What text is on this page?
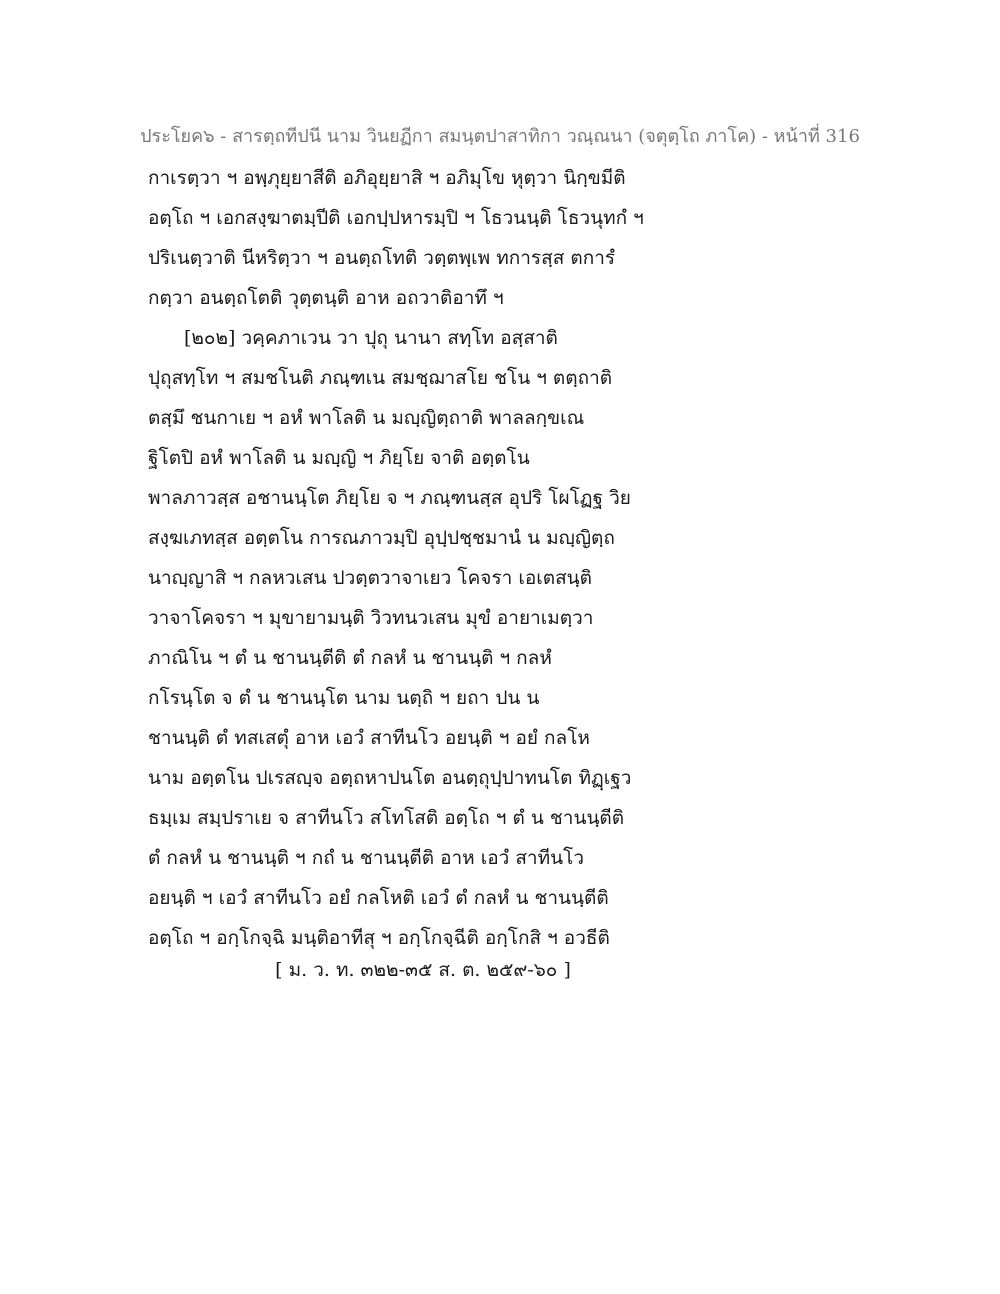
ประโยค๖ - สารตฺถทีปนี นาม วินยฏีกา สมนฺตปาสาทิกา วณฺณนา (จตุตฺโถ ภาโค) - หน้าที่ 316
กาเรตฺวา ฯ อพฺภุยฺยาสีติ อภิอุยฺยาสิ ฯ อภิมุโข หุตฺวา นิกฺขมีติ
อตฺโถ ฯ เอกสงฺฆาตมฺปีติ เอกปฺปหารมฺปิ ฯ โธวนนฺติ โธวนุทกํ ฯ
ปริเนตฺวาติ นีหริตฺวา ฯ อนตฺถโทติ วตฺตพฺเพ ทการสฺส ตการํ
กตฺวา อนตฺถโตติ วุตฺตนฺติ อาห อถวาติอาทึ ฯ
[๒๐๒] วคฺคภาเวน วา ปุถุ นานา สทฺโท อสฺสาติ
ปุถุสทฺโท ฯ สมชโนติ ภณฺฑเน สมชฺฌาสโย ชโน ฯ ตตฺถาติ
ตสฺมึ ชนกาเย ฯ อหํ พาโลติ น มญฺญิตฺถาติ พาลลกฺขเณ
ฐิโตปิ อหํ พาโลติ น มญฺญิ ฯ ภิยฺโย จาติ อตฺตโน
พาลภาวสฺส อชานนฺโต ภิยฺโย จ ฯ ภณฺฑนสฺส อุปริ โผโฏฐ วิย
สงฺฆเภทสฺส อตฺตโน การณภาวมฺปิ อุปฺปชฺชมานํ น มญฺญิตฺถ
นาญฺญาสิ ฯ กลหวเสน ปวตฺตวาจาเยว โคจรา เอเตสนฺติ
วาจาโคจรา ฯ มุขายามนฺติ วิวทนวเสน มุขํ อายาเมตฺวา
ภาณิโน ฯ ตํ น ชานนฺตีติ ตํ กลหํ น ชานนฺติ ฯ กลหํ
กโรนฺโต จ ตํ น ชานนฺโต นาม นตฺถิ ฯ ยถา ปน น
ชานนฺติ ตํ ทสเสตุํ อาห เอวํ สาทีนโว อยนฺติ ฯ อยํ กลโห
นาม อตฺตโน ปเรสญฺจ อตฺถหาปนโต อนตฺถุปฺปาทนโต ทิฏฺเฐว
ธมฺเม สมฺปราเย จ สาทีนโว สโทโสติ อตฺโถ ฯ ตํ น ชานนฺตีติ
ตํ กลหํ น ชานนฺติ ฯ กถํ น ชานนฺตีติ อาห เอวํ สาทีนโว
อยนฺติ ฯ เอวํ สาทีนโว อยํ กลโหติ เอวํ ตํ กลหํ น ชานนฺตีติ
อตฺโถ ฯ อกฺโกจฺฉิ มนฺติอาทีสุ ฯ อกฺโกจฺฉีติ อกฺโกสิ ฯ อวธีติ
[ ม. ว. ท. ๓๒๒-๓๕ ส. ต. ๒๕๙-๖๐ ]
